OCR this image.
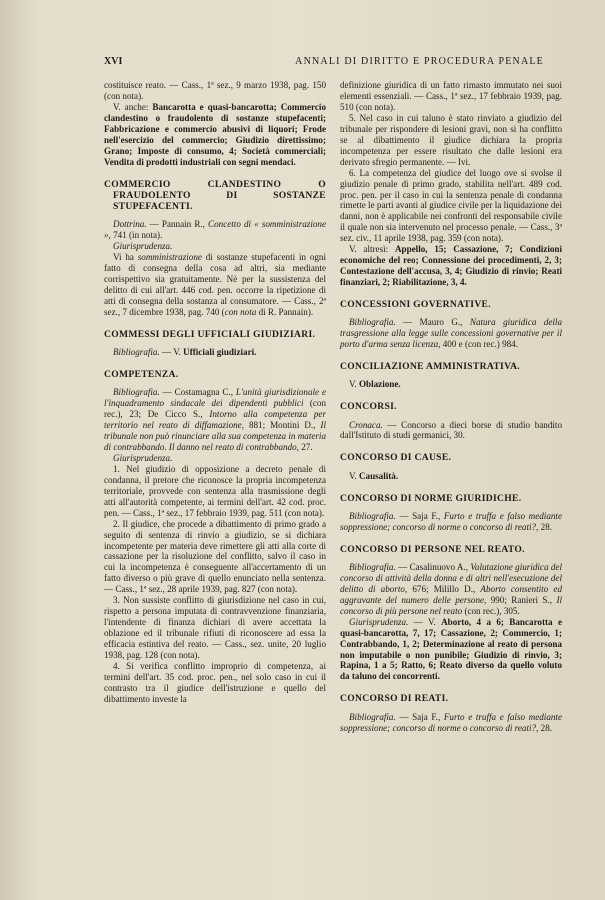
XVI	ANNALI DI DIRITTO E PROCEDURA PENALE

costituisce reato. — Cass., 1ª sez., 9 marzo 1938, pag. 150 (con nota).

V. anche: Bancarotta e quasi-bancarotta; Commercio clandestino o fraudolento di sostanze stupefacenti; Fabbricazione e commercio abusivi di liquori; Frode nell'esercizio del commercio; Giudizio direttissimo; Grano; Imposte di consumo, 4; Società commerciali; Vendita di prodotti industriali con segni mendaci.

COMMERCIO CLANDESTINO O FRAUDOLENTO DI SOSTANZE STUPEFACENTI.

Dottrina. — Pannain R., Concetto di « somministrazione », 741 (in nota).

Giurisprudenza.

Vi ha somministrazione di sostanze stupefacenti in ogni fatto di consegna della cosa ad altri, sia mediante corrispettivo sia gratuitamente. Nè per la sussistenza del delitto di cui all'art. 446 cod. pen. occorre la ripetizione di atti di consegna della sostanza al consumatore. — Cass., 2ª sez., 7 dicembre 1938, pag. 740 (con nota di R. Pannain).

COMMESSI DEGLI UFFICIALI GIUDIZIARI.

Bibliografia. — V. Ufficiali giudiziari.

COMPETENZA.

Bibliografia. — Costamagna C., L'unità giurisdizionale e l'inquadramento sindacale dei dipendenti pubblici (con rec.), 23; De Cicco S., Intorno alla competenza per territorio nel reato di diffamazione, 881; Montini D., Il tribunale non può rinunciare alla sua competenza in materia di contrabbando. Il danno nel reato di contrabbando, 27.

Giurisprudenza.

1. Nel giudizio di opposizione a decreto penale di condanna, il pretore che riconosce la propria incompetenza territoriale, provvede con sentenza alla trasmissione degli atti all'autorità competente, ai termini dell'art. 42 cod. proc. pen. — Cass., 1ª sez., 17 febbraio 1939, pag. 511 (con nota).

2. Il giudice, che procede a dibattimento di primo grado a seguito di sentenza di rinvio a giudizio, se si dichiara incompetente per materia deve rimettere gli atti alla corte di cassazione per la risoluzione del conflitto, salvo il caso in cui la incompetenza è conseguente all'accertamento di un fatto diverso o più grave di quello enunciato nella sentenza. — Cass., 1ª sez., 28 aprile 1939, pag. 827 (con nota).

3. Non sussiste conflitto di giurisdizione nel caso in cui, rispetto a persona imputata di contravvenzione finanziaria, l'intendente di finanza dichiari di avere accettata la oblazione ed il tribunale rifiuti di riconoscere ad essa la efficacia estintiva del reato. — Cass., sez. unite, 20 luglio 1938, pag. 128 (con nota).

4. Si verifica conflitto improprio di competenza, ai termini dell'art. 35 cod. proc. pen., nel solo caso in cui il contrasto tra il giudice dell'istruzione e quello del dibattimento investe la

definizione giuridica di un fatto rimasto immutato nei suoi elementi essenziali. — Cass., 1ª sez., 17 febbraio 1939, pag. 510 (con nota).

5. Nel caso in cui taluno è stato rinviato a giudizio del tribunale per rispondere di lesioni gravi, non si ha conflitto se al dibattimento il giudice dichiara la propria incompetenza per essere risultato che dalle lesioni era derivato sfregio permanente. — Ivi.

6. La competenza del giudice del luogo ove si svolse il giudizio penale di primo grado, stabilita nell'art. 489 cod. proc. pen. per il caso in cui la sentenza penale di condanna rimette le parti avanti al giudice civile per la liquidazione dei danni, non è applicabile nei confronti del responsabile civile il quale non sia intervenuto nel processo penale. — Cass., 3ª sez. civ., 11 aprile 1938, pag. 359 (con nota).

V. altresì: Appello, 15; Cassazione, 7; Condizioni economiche del reo; Connessione dei procedimenti, 2, 3; Contestazione dell'accusa, 3, 4; Giudizio di rinvio; Reati finanziari, 2; Riabilitazione, 3, 4.

CONCESSIONI GOVERNATIVE.

Bibliografia. — Mauro G., Natura giuridica della trasgressione alla legge sulle concessioni governative per il porto d'arma senza licenza, 400 e (con rec.) 984.

CONCILIAZIONE AMMINISTRATIVA.

V. Oblazione.

CONCORSI.

Cronaca. — Concorso a dieci borse di studio bandito dall'Istituto di studi germanici, 30.

CONCORSO DI CAUSE.

V. Causalità.

CONCORSO DI NORME GIURIDICHE.

Bibliografia. — Saja F., Furto e truffa e falso mediante soppressione; concorso di norme o concorso di reati?, 28.

CONCORSO DI PERSONE NEL REATO.

Bibliografia. — Casalinuovo A., Valutazione giuridica del concorso di attività della donna e di altri nell'esecuzione del delitto di aborto, 676; Milillo D., Aborto consentito ed aggravante del numero delle persone, 990; Ranieri S., Il concorso di più persone nel reato (con rec.), 305.

Giurisprudenza. — V. Aborto, 4 a 6; Bancarotta e quasi-bancarotta, 7, 17; Cassazione, 2; Commercio, 1; Contrabbando, 1, 2; Determinazione al reato di persona non imputabile o non punibile; Giudizio di rinvio, 3; Rapina, 1 a 5; Ratto, 6; Reato diverso da quello voluto da taluno dei concorrenti.

CONCORSO DI REATI.

Bibliografia. — Saja F., Furto e truffa e falso mediante soppressione; concorso di norme o concorso di reati?, 28.
